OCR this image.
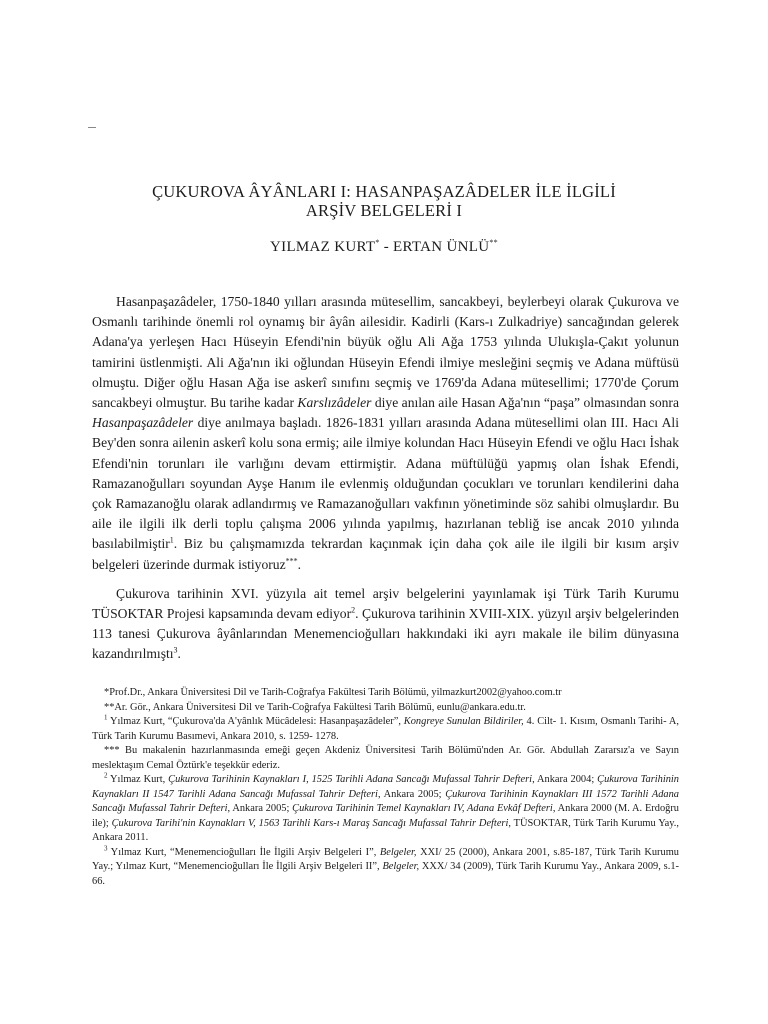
ÇUKUROVA ÂYÂNLARI I: HASANPAŞAZÂDELER İLE İLGİLİ
ARŞİV BELGELERİ I
YILMAZ KURT* - ERTAN ÜNLÜ**

Hasanpaşazâdeler, 1750-1840 yılları arasında mütesellim, sancakbeyi, beylerbeyi olarak Çukurova ve Osmanlı tarihinde önemli rol oynamış bir âyân ailesidir. Kadirli (Kars-ı Zulkadriye) sancağından gelerek Adana'ya yerleşen Hacı Hüseyin Efendi'nin büyük oğlu Ali Ağa 1753 yılında Ulukışla-Çakıt yolunun tamirini üstlenmişti. Ali Ağa'nın iki oğlundan Hüseyin Efendi ilmiye mesleğini seçmiş ve Adana müftüsü olmuştu. Diğer oğlu Hasan Ağa ise askerî sınıfını seçmiş ve 1769'da Adana mütesellimi; 1770'de Çorum sancakbeyi olmuştur. Bu tarihe kadar Karslızâdeler diye anılan aile Hasan Ağa'nın “paşa” olmasından sonra Hasanpaşazâdeler diye anılmaya başladı. 1826-1831 yılları arasında Adana mütesellimi olan III. Hacı Ali Bey'den sonra ailenin askerî kolu sona ermiş; aile ilmiye kolundan Hacı Hüseyin Efendi ve oğlu Hacı İshak Efendi'nin torunları ile varlığını devam ettirmiştir. Adana müftülüğü yapmış olan İshak Efendi, Ramazanoğulları soyundan Ayşe Hanım ile evlenmiş olduğundan çocukları ve torunları kendilerini daha çok Ramazanoğlu olarak adlandırmış ve Ramazanoğulları vakfının yönetiminde söz sahibi olmuşlardır. Bu aile ile ilgili ilk derli toplu çalışma 2006 yılında yapılmış, hazırlanan tebliğ ise ancak 2010 yılında basılabilmiştir$^1$. Biz bu çalışmamızda tekrardan kaçınmak için daha çok aile ile ilgili bir kısım arşiv belgeleri üzerinde durmak istiyoruz***.

Çukurova tarihinin XVI. yüzyıla ait temel arşiv belgelerini yayınlamak işi Türk Tarih Kurumu TÜSOKTAR Projesi kapsamında devam ediyor$^2$. Çukurova tarihinin XVIII-XIX. yüzyıl arşiv belgelerinden 113 tanesi Çukurova âyânlarından Menemencioğulları hakkındaki iki ayrı makale ile bilim dünyasına kazandırılmıştı$^3$.

*Prof.Dr., Ankara Üniversitesi Dil ve Tarih-Coğrafya Fakültesi Tarih Bölümü, yilmazkurt2002@yahoo.com.tr

**Ar. Gör., Ankara Üniversitesi Dil ve Tarih-Coğrafya Fakültesi Tarih Bölümü, eunlu@ankara.edu.tr.

$^1$ Yılmaz Kurt, “Çukurova'da A'yânlık Mücâdelesi: Hasanpaşazâdeler”, Kongreye Sunulan Bildiriler, 4. Cilt- 1. Kısım, Osmanlı Tarihi- A, Türk Tarih Kurumu Basımevi, Ankara 2010, s. 1259- 1278.

*** Bu makalenin hazırlanmasında emeği geçen Akdeniz Üniversitesi Tarih Bölümü'nden Ar. Gör. Abdullah Zararsız'a ve Sayın meslektaşım Cemal Öztürk'e teşekkür ederiz.

$^2$ Yılmaz Kurt, Çukurova Tarihinin Kaynakları I, 1525 Tarihli Adana Sancağı Mufassal Tahrir Defteri, Ankara 2004; Çukurova Tarihinin Kaynakları II 1547 Tarihli Adana Sancağı Mufassal Tahrir Defteri, Ankara 2005; Çukurova Tarihinin Kaynakları III 1572 Tarihli Adana Sancağı Mufassal Tahrir Defteri, Ankara 2005; Çukurova Tarihinin Temel Kaynakları IV, Adana Evkâf Defteri, Ankara 2000 (M. A. Erdoğru ile); Çukurova Tarihi'nin Kaynakları V, 1563 Tarihli Kars-ı Maraş Sancağı Mufassal Tahrir Defteri, TÜSOKTAR, Türk Tarih Kurumu Yay., Ankara 2011.

$^3$ Yılmaz Kurt, “Menemencioğulları İle İlgili Arşiv Belgeleri I”, Belgeler, XXI/ 25 (2000), Ankara 2001, s.85-187, Türk Tarih Kurumu Yay.; Yılmaz Kurt, “Menemencioğulları İle İlgili Arşiv Belgeleri II”, Belgeler, XXX/ 34 (2009), Türk Tarih Kurumu Yay., Ankara 2009, s.1- 66.
